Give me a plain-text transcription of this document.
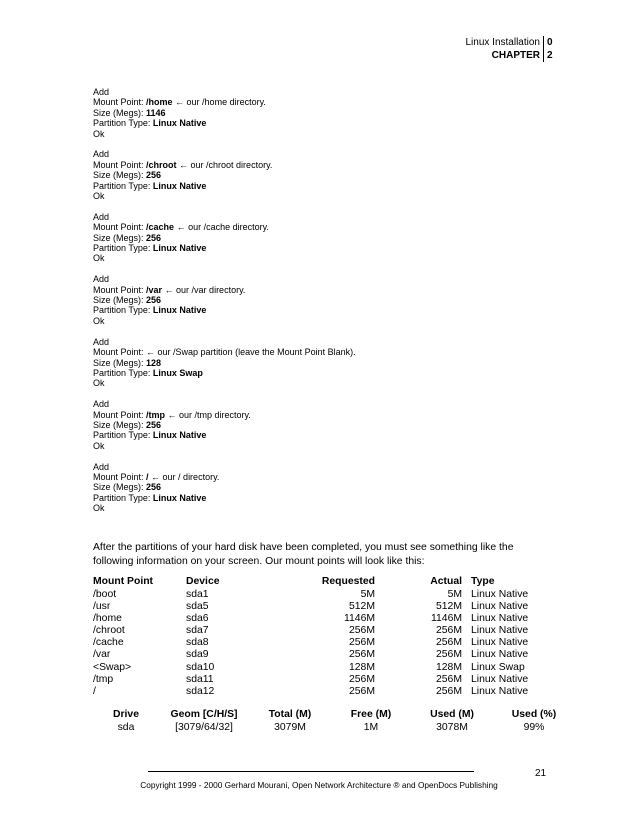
Linux Installation
CHAPTER
0
2
Add
Mount Point: /home ← our /home directory.
Size (Megs): 1146
Partition Type: Linux Native
Ok
Add
Mount Point: /chroot ← our /chroot directory.
Size (Megs): 256
Partition Type: Linux Native
Ok
Add
Mount Point: /cache ← our /cache directory.
Size (Megs): 256
Partition Type: Linux Native
Ok
Add
Mount Point: /var ← our /var directory.
Size (Megs): 256
Partition Type: Linux Native
Ok
Add
Mount Point: ← our /Swap partition (leave the Mount Point Blank).
Size (Megs): 128
Partition Type: Linux Swap
Ok
Add
Mount Point: /tmp ← our /tmp directory.
Size (Megs): 256
Partition Type: Linux Native
Ok
Add
Mount Point: / ← our / directory.
Size (Megs): 256
Partition Type: Linux Native
Ok

After the partitions of your hard disk have been completed, you must see something like the following information on your screen. Our mount points will look like this:

Mount Point	Device	Requested	Actual	Type
/boot	sda1	5M	5M	Linux Native
/usr	sda5	512M	512M	Linux Native
/home	sda6	1146M	1146M	Linux Native
/chroot	sda7	256M	256M	Linux Native
/cache	sda8	256M	256M	Linux Native
/var	sda9	256M	256M	Linux Native
<Swap>	sda10	128M	128M	Linux Swap
/tmp	sda11	256M	256M	Linux Native
/	sda12	256M	256M	Linux Native
Drive	Geom [C/H/S]	Total (M)	Free (M)	Used (M)	Used (%)
sda	[3079/64/32]	3079M	1M	3078M	99%
21
Copyright 1999 - 2000 Gerhard Mourani, Open Network Architecture ® and OpenDocs Publishing
